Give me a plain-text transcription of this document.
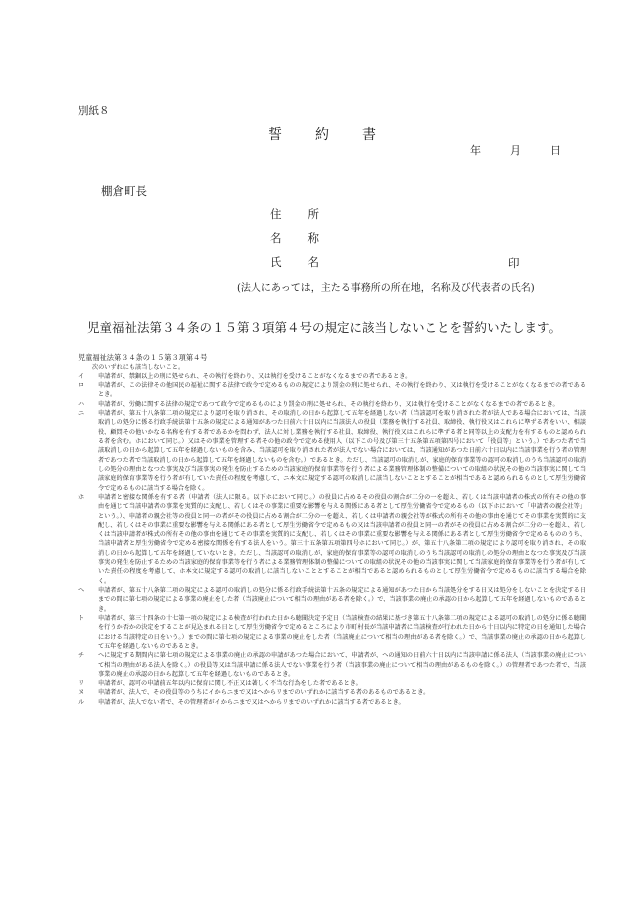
別紙８
誓 約 書
年	月	日
棚倉町長
住 所
名 称
氏 名	印
(法人にあっては，主たる事務所の所在地，名称及び代表者の氏名)
児童福祉法第３４条の１５第３項第４号の規定に該当しないことを誓約いたします。
児童福祉法第３４条の１５第３項第４号
次のいずれにも該当しないこと。
イ	申請者が、禁錮以上の刑に処せられ、その執行を終わり、又は執行を受けることがなくなるまでの者であるとき。
ロ	申請者が、この法律その他国民の福祉に関する法律で政令で定めるものの規定により罰金の刑に処せられ、その執行を終わり、又は執行を受けることがなくなるまでの者であるとき。
ハ	申請者が、労働に関する法律の規定であつて政令で定めるものにより罰金の刑に処せられ、その執行を終わり、又は執行を受けることがなくなるまでの者であるとき。
ニ	申請者が、第五十八条第二項の規定により認可を取り消され、その取消しの日から起算して五年を経過しない者（当該認可を取り消された者が法人である場合においては、当該取消しの処分に係る行政手続法第十五条の規定による通知があつた日前六十日以内に当該法人の役員（業務を執行する社員、取締役、執行役又はこれらに準ずる者をいい、相談役、顧問その他いかなる名称を有する者であるかを問わず、法人に対し業務を執行する社員、取締役、執行役又はこれらに準ずる者と同等以上の支配力を有するものと認められる者を含む。ホにおいて同じ。）又はその事業を管理する者その他の政令で定める使用人（以下この号及び第三十五条第五項第四号において「役員等」という。）であつた者で当該取消しの日から起算して五年を経過しないものを含み、当該認可を取り消された者が法人でない場合においては、当該通知があつた日前六十日以内に当該事業を行う者の管理者であつた者で当該取消しの日から起算して五年を経過しないものを含む。）であるとき。ただし、当該認可の取消しが、家庭的保育事業等の認可の取消しのうち当該認可の取消しの処分の理由となつた事実及び当該事実の発生を防止するための当該家庭的保育事業等を行う者による業務管理体制の整備についての取組の状況その他の当該事実に関して当該家庭的保育事業等を行う者が有していた責任の程度を考慮して、ニ本文に規定する認可の取消しに該当しないこととすることが相当であると認められるものとして厚生労働省令で定めるものに該当する場合を除く。
ホ	申請者と密接な関係を有する者（申請者（法人に限る。以下ホにおいて同じ。）の役員に占めるその役員の割合が二分の一を超え、若しくは当該申請者の株式の所有その他の事由を通じて当該申請者の事業を実質的に支配し、若しくはその事業に重要な影響を与える関係にある者として厚生労働省令で定めるもの（以下ホにおいて「申請者の親会社等」という。）、申請者の親会社等の役員と同一の者がその役員に占める割合が二分の一を超え、若しくは申請者の親会社等が株式の所有その他の事由を通じてその事業を実質的に支配し、若しくはその事業に重要な影響を与える関係にある者として厚生労働省令で定めるもの又は当該申請者の役員と同一の者がその役員に占める割合が二分の一を超え、若しくは当該申請者が株式の所有その他の事由を通じてその事業を実質的に支配し、若しくはその事業に重要な影響を与える関係にある者として厚生労働省令で定めるもののうち、当該申請者と厚生労働省令で定める密接な関係を有する法人をいう。第三十五条第五項第四号ホにおいて同じ。）が、第五十八条第二項の規定により認可を取り消され、その取消しの日から起算して五年を経過していないとき。ただし、当該認可の取消しが、家庭的保育事業等の認可の取消しのうち当該認可の取消しの処分の理由となつた事実及び当該事実の発生を防止するための当該家庭的保育事業等を行う者による業務管理体制の整備についての取組の状況その他の当該事実に関して当該家庭的保育事業等を行う者が有していた責任の程度を考慮して、ホ本文に規定する認可の取消しに該当しないこととすることが相当であると認められるものとして厚生労働省令で定めるものに該当する場合を除く。
へ	申請者が、第五十八条第二項の規定による認可の取消しの処分に係る行政手続法第十五条の規定による通知があつた日から当該処分をする日又は処分をしないことを決定する日までの間に第七項の規定による事業の廃止をした者（当該廃止について相当の理由がある者を除く。）で、当該事業の廃止の承認の日から起算して五年を経過しないものであるとき。
ト	申請者が、第三十四条の十七第一項の規定による検査が行われた日から聴聞決定予定日（当該検査の結果に基づき第五十八条第二項の規定による認可の取消しの処分に係る聴聞を行うか否かの決定をすることが見込まれる日として厚生労働省令で定めるところにより市町村長が当該申請者に当該検査が行われた日から十日以内に特定の日を通知した場合における当該特定の日をいう。）までの間に第七項の規定による事業の廃止をした者（当該廃止について相当の理由がある者を除く。）で、当該事業の廃止の承認の日から起算して五年を経過しないものであるとき。
チ	へに規定する期間内に第七項の規定による事業の廃止の承認の申請があつた場合において、申請者が、への通知の日前六十日以内に当該申請に係る法人（当該事業の廃止について相当の理由がある法人を除く。）の役員等又は当該申請に係る法人でない事業を行う者（当該事業の廃止について相当の理由があるものを除く。）の管理者であつた者で、当該事業の廃止の承認の日から起算して五年を経過しないものであるとき。
リ	申請者が、認可の申請前五年以内に保育に関し不正又は著しく不当な行為をした者であるとき。
ヌ	申請者が、法人で、その役員等のうちにイからニまで又はへからリまでのいずれかに該当する者のあるものであるとき。
ル	申請者が、法人でない者で、その管理者がイからニまで又はへからリまでのいずれかに該当する者であるとき。
